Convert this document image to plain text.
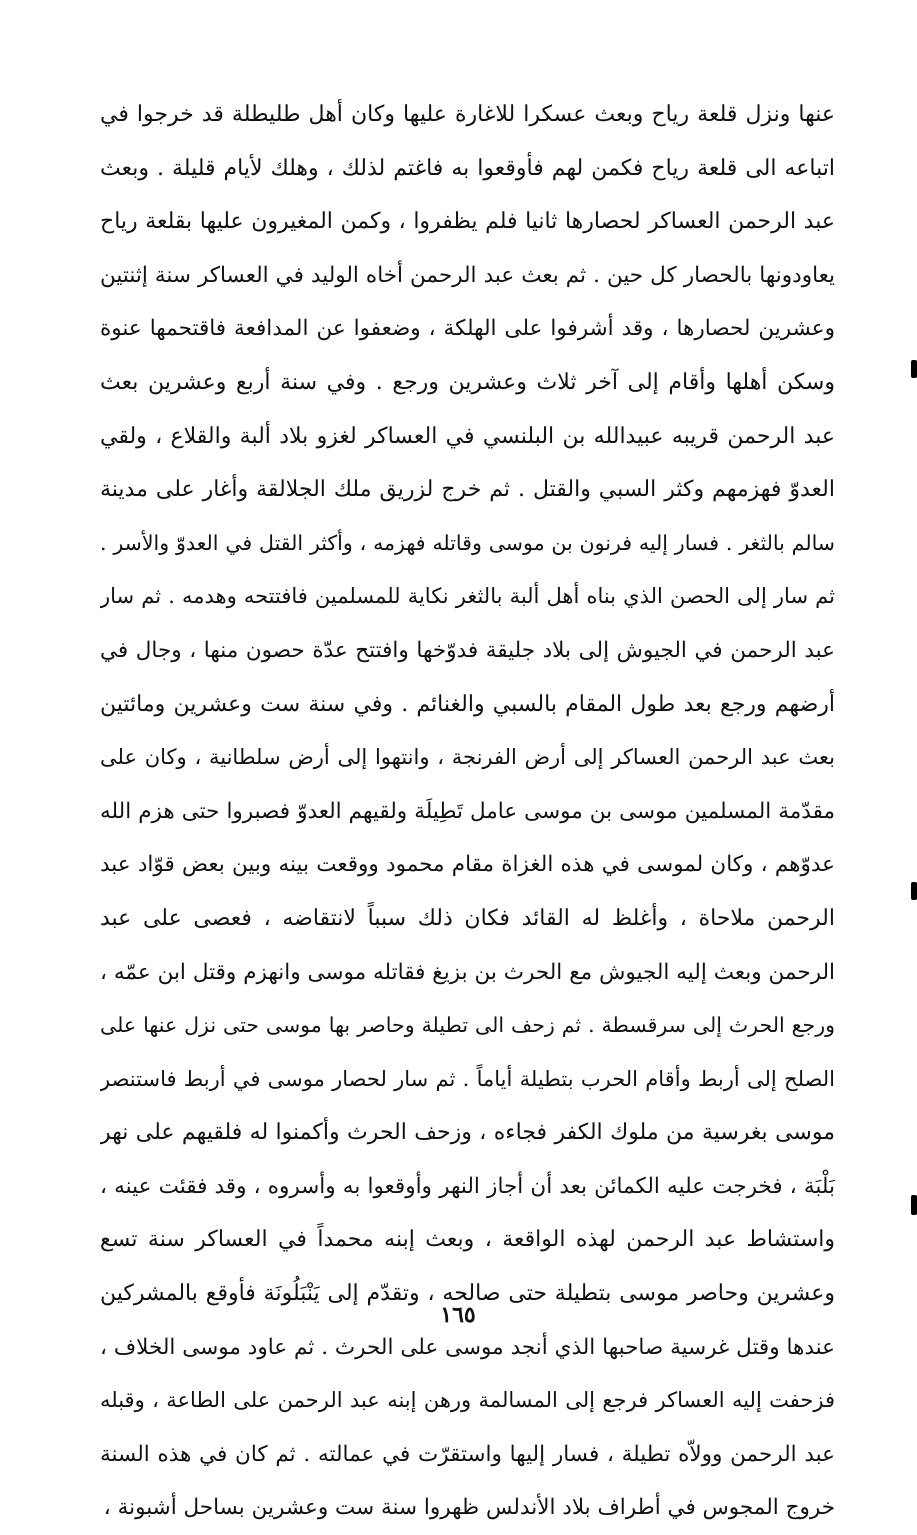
عنها ونزل قلعة رياح وبعث عسكرا للاغارة عليها وكان أهل طليطلة قد خرجوا في
اتباعه الى قلعة رياح فكمن لهم فأوقعوا به فاغتم لذلك ، وهلك لأيام قليلة . وبعث
عبد الرحمن العساكر لحصارها ثانيا فلم يظفروا ، وكمن المغيرون عليها بقلعة رياح
يعاودونها بالحصار كل حين . ثم بعث عبد الرحمن أخاه الوليد في العساكر سنة إثنتين
وعشرين لحصارها ، وقد أشرفوا على الهلكة ، وضعفوا عن المدافعة فاقتحمها عنوة
وسكن أهلها وأقام إلى آخر ثلاث وعشرين ورجع . وفي سنة أربع وعشرين بعث
عبد الرحمن قريبه عبيدالله بن البلنسي في العساكر لغزو بلاد ألبة والقلاع ، ولقي
العدوّ فهزمهم وكثر السبي والقتل . ثم خرج لزريق ملك الجلالقة وأغار على مدينة
سالم بالثغر . فسار إليه فرنون بن موسى وقاتله فهزمه ، وأكثر القتل في العدوّ والأسر .
ثم سار إلى الحصن الذي بناه أهل ألبة بالثغر نكاية للمسلمين فافتتحه وهدمه . ثم سار
عبد الرحمن في الجيوش إلى بلاد جليقة فدوّخها وافتتح عدّة حصون منها ، وجال في
أرضهم ورجع بعد طول المقام بالسبي والغنائم . وفي سنة ست وعشرين ومائتين
بعث عبد الرحمن العساكر إلى أرض الفرنجة ، وانتهوا إلى أرض سلطانية ، وكان على
مقدّمة المسلمين موسى بن موسى عامل تَطِيلَة ولقيهم العدوّ فصبروا حتى هزم الله
عدوّهم ، وكان لموسى في هذه الغزاة مقام محمود ووقعت بينه وبين بعض قوّاد عبد
الرحمن ملاحاة ، وأغلظ له القائد فكان ذلك سبباً لانتقاضه ، فعصى على عبد
الرحمن وبعث إليه الجيوش مع الحرث بن بزيغ فقاتله موسى وانهزم وقتل ابن عمّه ،
ورجع الحرث إلى سرقسطة . ثم زحف الى تطيلة وحاصر بها موسى حتى نزل عنها على
الصلح إلى أربط وأقام الحرب بتطيلة أياماً . ثم سار لحصار موسى في أربط فاستنصر
موسى بغرسية من ملوك الكفر فجاءه ، وزحف الحرث وأكمنوا له فلقيهم على نهر
بَلْبَة ، فخرجت عليه الكمائن بعد أن أجاز النهر وأوقعوا به وأسروه ، وقد فقئت عينه ،
واستشاط عبد الرحمن لهذه الواقعة ، وبعث إبنه محمداً في العساكر سنة تسع
وعشرين وحاصر موسى بتطيلة حتى صالحه ، وتقدّم إلى يَنْبَلُونَة فأوقع بالمشركين
عندها وقتل غرسية صاحبها الذي أنجد موسى على الحرث . ثم عاود موسى الخلاف ،
فزحفت إليه العساكر فرجع إلى المسالمة ورهن إبنه عبد الرحمن على الطاعة ، وقبله
عبد الرحمن وولاّه تطيلة ، فسار إليها واستقرّت في عمالته . ثم كان في هذه السنة
خروج المجوس في أطراف بلاد الأندلس ظهروا سنة ست وعشرين بساحل أشبونة ،
١٦٥
